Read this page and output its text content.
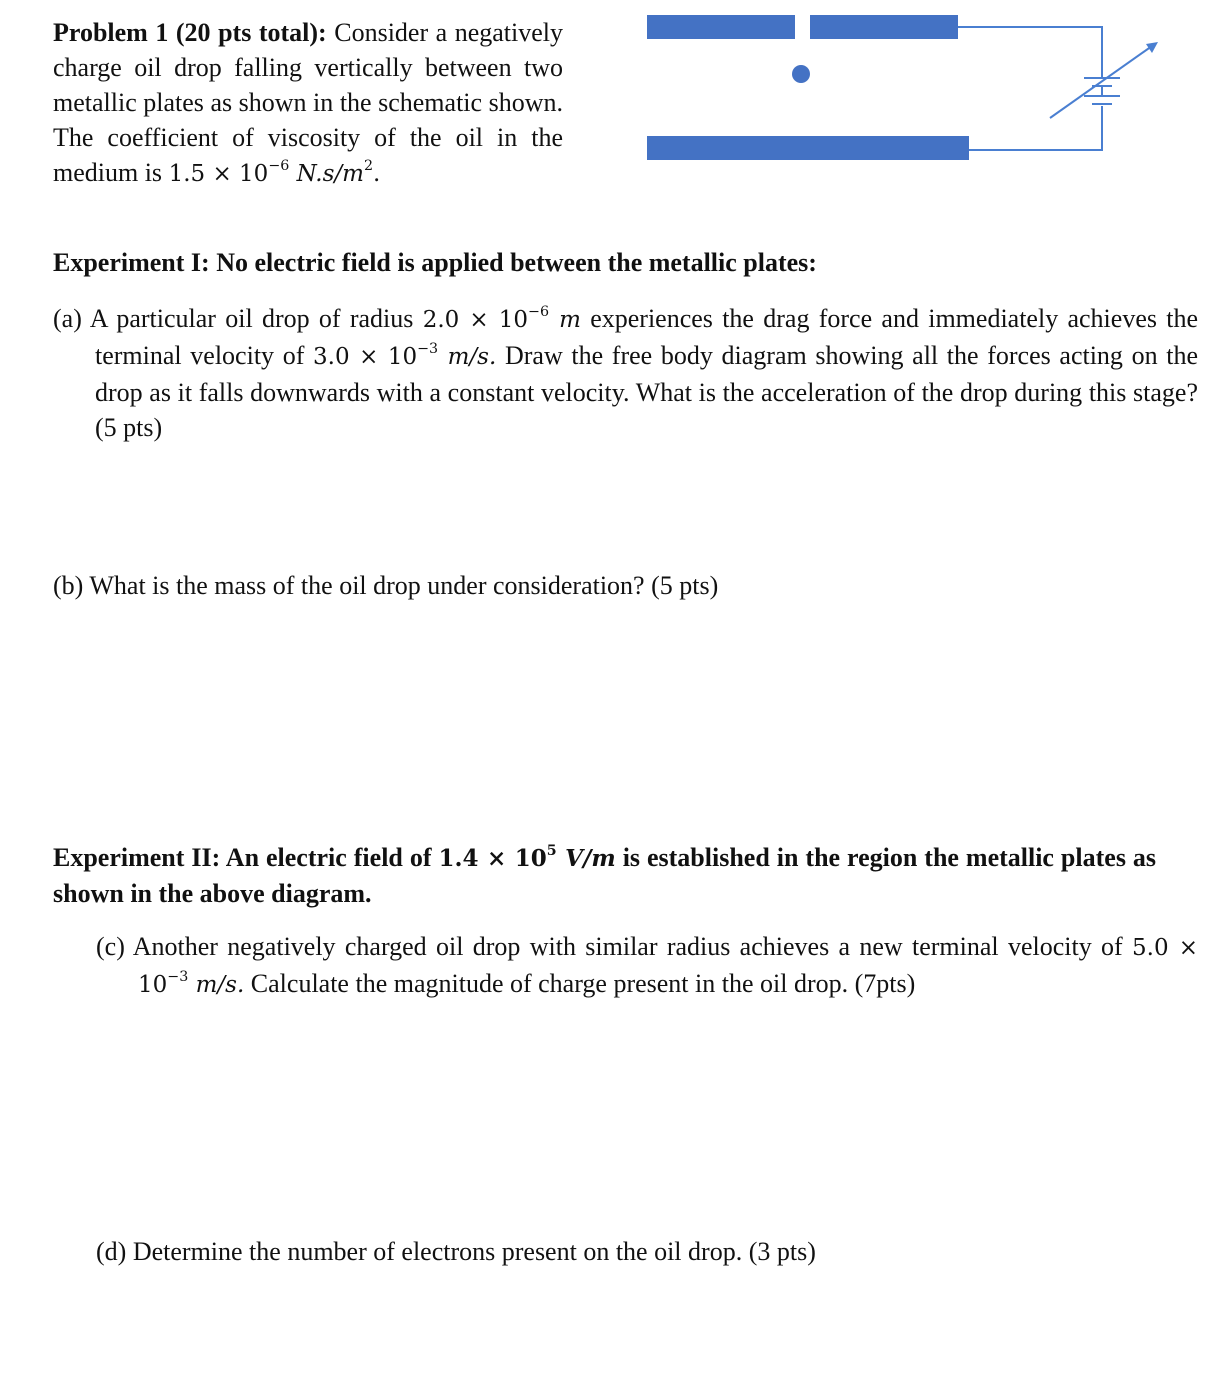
Problem 1 (20 pts total): Consider a negatively charge oil drop falling vertically between two metallic plates as shown in the schematic shown. The coefficient of viscosity of the oil in the medium is $1.5 \times 10^{-6}$ $N.s/m^2$.
Experiment I: No electric field is applied between the metallic plates:
(a) A particular oil drop of radius $2.0 \times 10^{-6}$ m experiences the drag force and immediately achieves the terminal velocity of $3.0 \times 10^{-3}$ m/s. Draw the free body diagram showing all the forces acting on the drop as it falls downwards with a constant velocity. What is the acceleration of the drop during this stage? (5 pts)
(b) What is the mass of the oil drop under consideration? (5 pts)
Experiment II: An electric field of $1.4 \times 10^5$ V/m is established in the region the metallic plates as shown in the above diagram.
(c) Another negatively charged oil drop with similar radius achieves a new terminal velocity of $5.0 \times 10^{-3}$ m/s. Calculate the magnitude of charge present in the oil drop. (7pts)
(d) Determine the number of electrons present on the oil drop. (3 pts)
